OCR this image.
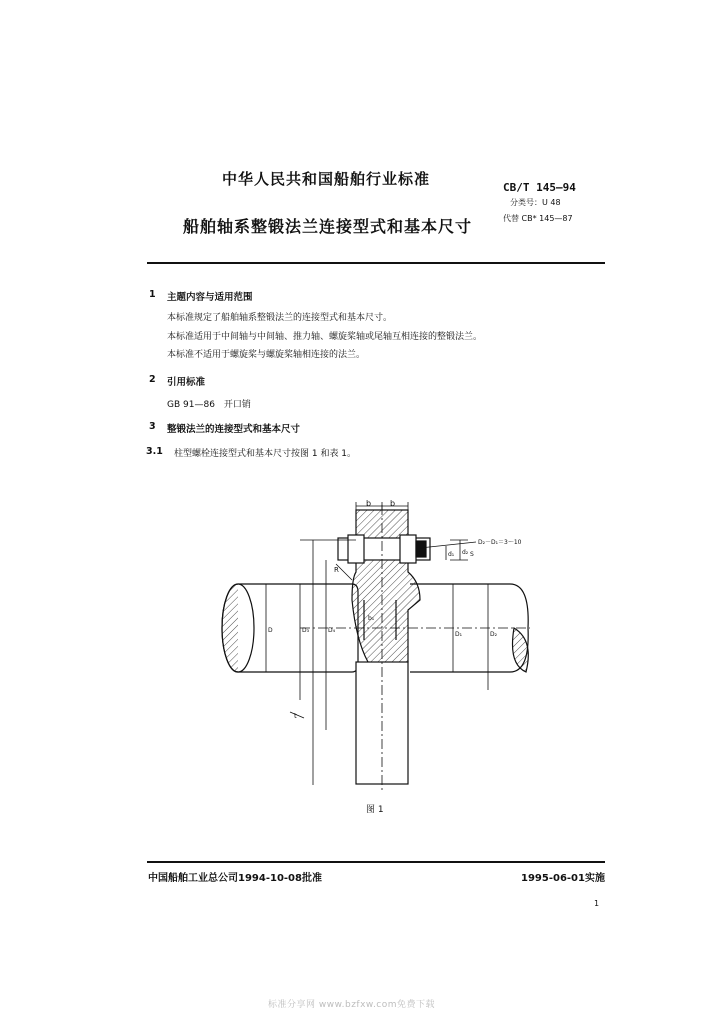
中华人民共和国船舶行业标准	CB/T 145—94
分类号：U 48
船舶轴系整锻法兰连接型式和基本尺寸	代替 CB* 145—87
1 主题内容与适用范围
本标准规定了船舶轴系整锻法兰的连接型式和基本尺寸。
本标准适用于中间轴与中间轴、推力轴、螺旋桨轴或尾轴互相连接的整锻法兰。
本标准不适用于螺旋桨与螺旋桨轴相连接的法兰。
2 引用标准
GB 91—86　开口销
3 整锻法兰的连接型式和基本尺寸
3.1 柱型螺栓连接型式和基本尺寸按图 1 和表 1。
b b
D₂－D₁＝3～10
d₁ d₂ S
R
t
D	D₃	D₄
b₁
D₁	D₂
图 1
中国船舶工业总公司1994-10-08批准	1995-06-01实施
1
标准分享网 www.bzfxw.com免费下载
